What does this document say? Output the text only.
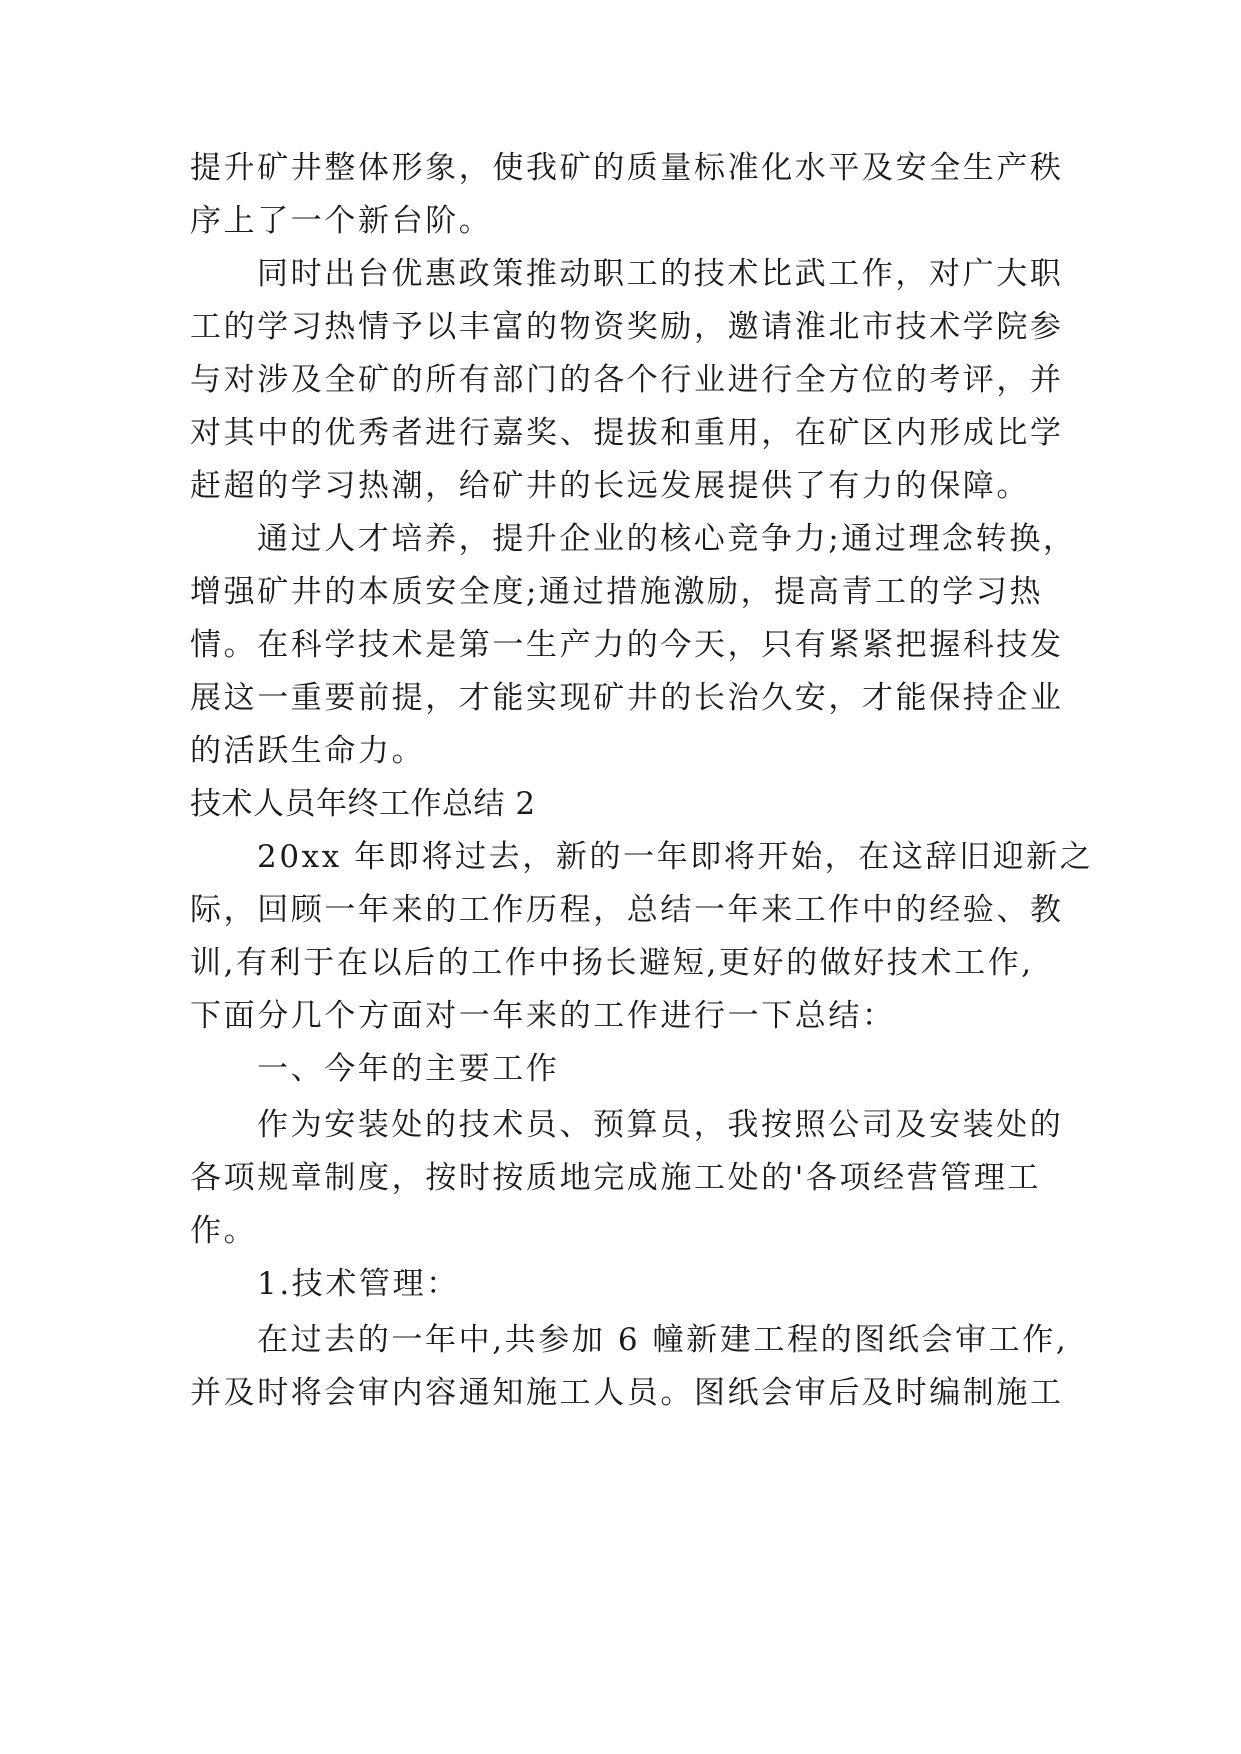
提升矿井整体形象，使我矿的质量标准化水平及安全生产秩
序上了一个新台阶。
同时出台优惠政策推动职工的技术比武工作，对广大职
工的学习热情予以丰富的物资奖励，邀请淮北市技术学院参
与对涉及全矿的所有部门的各个行业进行全方位的考评，并
对其中的优秀者进行嘉奖、提拔和重用，在矿区内形成比学
赶超的学习热潮，给矿井的长远发展提供了有力的保障。
通过人才培养，提升企业的核心竞争力;通过理念转换，
增强矿井的本质安全度;通过措施激励，提高青工的学习热
情。在科学技术是第一生产力的今天，只有紧紧把握科技发
展这一重要前提，才能实现矿井的长治久安，才能保持企业
的活跃生命力。
技术人员年终工作总结 2
20xx 年即将过去，新的一年即将开始，在这辞旧迎新之
际，回顾一年来的工作历程，总结一年来工作中的经验、教
训,有利于在以后的工作中扬长避短,更好的做好技术工作,
下面分几个方面对一年来的工作进行一下总结：
一、今年的主要工作
作为安装处的技术员、预算员，我按照公司及安装处的
各项规章制度，按时按质地完成施工处的'各项经营管理工
作。
1.技术管理：
在过去的一年中,共参加 6 幢新建工程的图纸会审工作,
并及时将会审内容通知施工人员。图纸会审后及时编制施工
